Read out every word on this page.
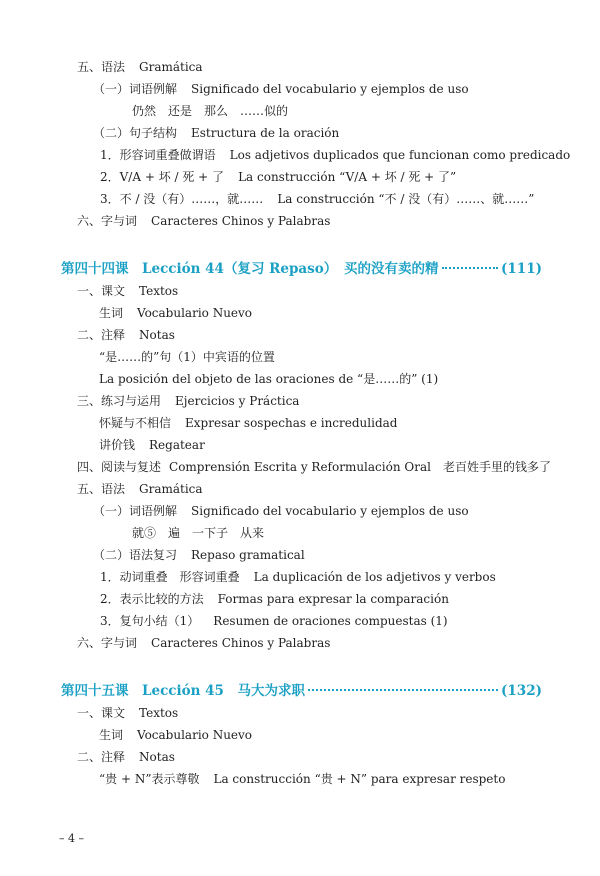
五、语法 Gramática
（一）词语例解 Significado del vocabulario y ejemplos de uso
仍然　还是　那么　……似的
（二）句子结构 Estructura de la oración
1．形容词重叠做谓语 Los adjetivos duplicados que funcionan como predicado
2．V/A + 坏 / 死 + 了 La construcción “V/A + 坏 / 死 + 了”
3．不 / 没（有）……，就…… La construcción “不 / 没（有）……、就……”
六、字与词 Caracteres Chinos y Palabras
第四十四课　Lección 44（复习 Repaso）　买的没有卖的精	(111)
一、课文 Textos
生词 Vocabulario Nuevo
二、注释 Notas
“是……的”句（1）中宾语的位置
La posición del objeto de las oraciones de “是……的” (1)
三、练习与运用 Ejercicios y Práctica
怀疑与不相信 Expresar sospechas e incredulidad
讲价钱 Regatear
四、阅读与复述 Comprensión Escrita y Reformulación Oral　老百姓手里的钱多了
五、语法 Gramática
（一）词语例解 Significado del vocabulario y ejemplos de uso
就⑤　遍　一下子　从来
（二）语法复习 Repaso gramatical
1．动词重叠　形容词重叠 La duplicación de los adjetivos y verbos
2．表示比较的方法 Formas para expresar la comparación
3．复句小结（1） Resumen de oraciones compuestas (1)
六、字与词 Caracteres Chinos y Palabras
第四十五课　Lección 45　马大为求职	(132)
一、课文 Textos
生词 Vocabulario Nuevo
二、注释 Notas
“贵 + N”表示尊敬 La construcción “贵 + N” para expresar respeto
– 4 –
